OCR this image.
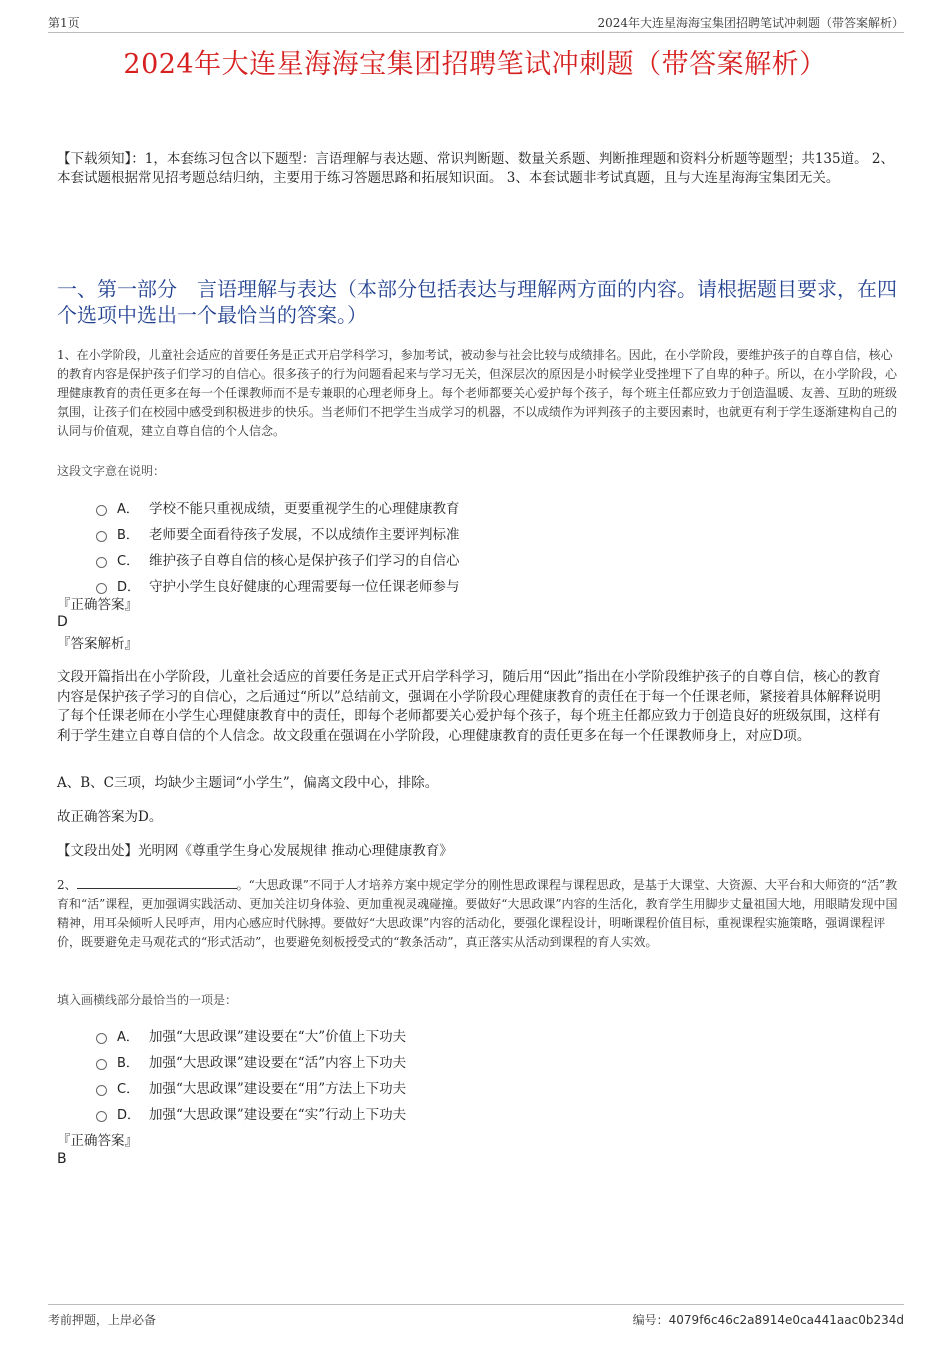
第1页	2024年大连星海海宝集团招聘笔试冲刺题（带答案解析）
2024年大连星海海宝集团招聘笔试冲刺题（带答案解析）
【下载须知】：1，本套练习包含以下题型：言语理解与表达题、常识判断题、数量关系题、判断推理题和资料分析题等题型；共135道。 2、本套试题根据常见招考题总结归纳，主要用于练习答题思路和拓展知识面。 3、本套试题非考试真题，且与大连星海海宝集团无关。
一、第一部分　言语理解与表达（本部分包括表达与理解两方面的内容。请根据题目要求，在四个选项中选出一个最恰当的答案。）

1、在小学阶段，儿童社会适应的首要任务是正式开启学科学习，参加考试，被动参与社会比较与成绩排名。因此，在小学阶段，要维护孩子的自尊自信，核心的教育内容是保护孩子们学习的自信心。很多孩子的行为问题看起来与学习无关，但深层次的原因是小时候学业受挫埋下了自卑的种子。所以，在小学阶段，心理健康教育的责任更多在每一个任课教师而不是专兼职的心理老师身上。每个老师都要关心爱护每个孩子，每个班主任都应致力于创造温暖、友善、互助的班级氛围，让孩子们在校园中感受到积极进步的快乐。当老师们不把学生当成学习的机器，不以成绩作为评判孩子的主要因素时，也就更有利于学生逐渐建构自己的认同与价值观，建立自尊自信的个人信念。

这段文字意在说明：

A． 学校不能只重视成绩，更要重视学生的心理健康教育
B． 老师要全面看待孩子发展，不以成绩作主要评判标准
C． 维护孩子自尊自信的核心是保护孩子们学习的自信心
D． 守护小学生良好健康的心理需要每一位任课老师参与
『正确答案』
D
『答案解析』

文段开篇指出在小学阶段，儿童社会适应的首要任务是正式开启学科学习，随后用“因此”指出在小学阶段维护孩子的自尊自信，核心的教育内容是保护孩子学习的自信心，之后通过“所以”总结前文，强调在小学阶段心理健康教育的责任在于每一个任课老师，紧接着具体解释说明了每个任课老师在小学生心理健康教育中的责任，即每个老师都要关心爱护每个孩子，每个班主任都应致力于创造良好的班级氛围，这样有利于学生建立自尊自信的个人信念。故文段重在强调在小学阶段，心理健康教育的责任更多在每一个任课教师身上，对应D项。

A、B、C三项，均缺少主题词“小学生”，偏离文段中心，排除。

故正确答案为D。

【文段出处】光明网《尊重学生身心发展规律 推动心理健康教育》

2、	。“大思政课”不同于人才培养方案中规定学分的刚性思政课程与课程思政，是基于大课堂、大资源、大平台和大师资的“活”教育和“活”课程，更加强调实践活动、更加关注切身体验、更加重视灵魂碰撞。要做好“大思政课”内容的生活化，教育学生用脚步丈量祖国大地，用眼睛发现中国精神，用耳朵倾听人民呼声，用内心感应时代脉搏。要做好“大思政课”内容的活动化，要强化课程设计，明晰课程价值目标，重视课程实施策略，强调课程评价，既要避免走马观花式的“形式活动”，也要避免刻板授受式的“教条活动”，真正落实从活动到课程的育人实效。

填入画横线部分最恰当的一项是：

A． 加强“大思政课”建设要在“大”价值上下功夫
B． 加强“大思政课”建设要在“活”内容上下功夫
C． 加强“大思政课”建设要在“用”方法上下功夫
D． 加强“大思政课”建设要在“实”行动上下功夫
『正确答案』
B
考前押题，上岸必备	编号：4079f6c46c2a8914e0ca441aac0b234d
